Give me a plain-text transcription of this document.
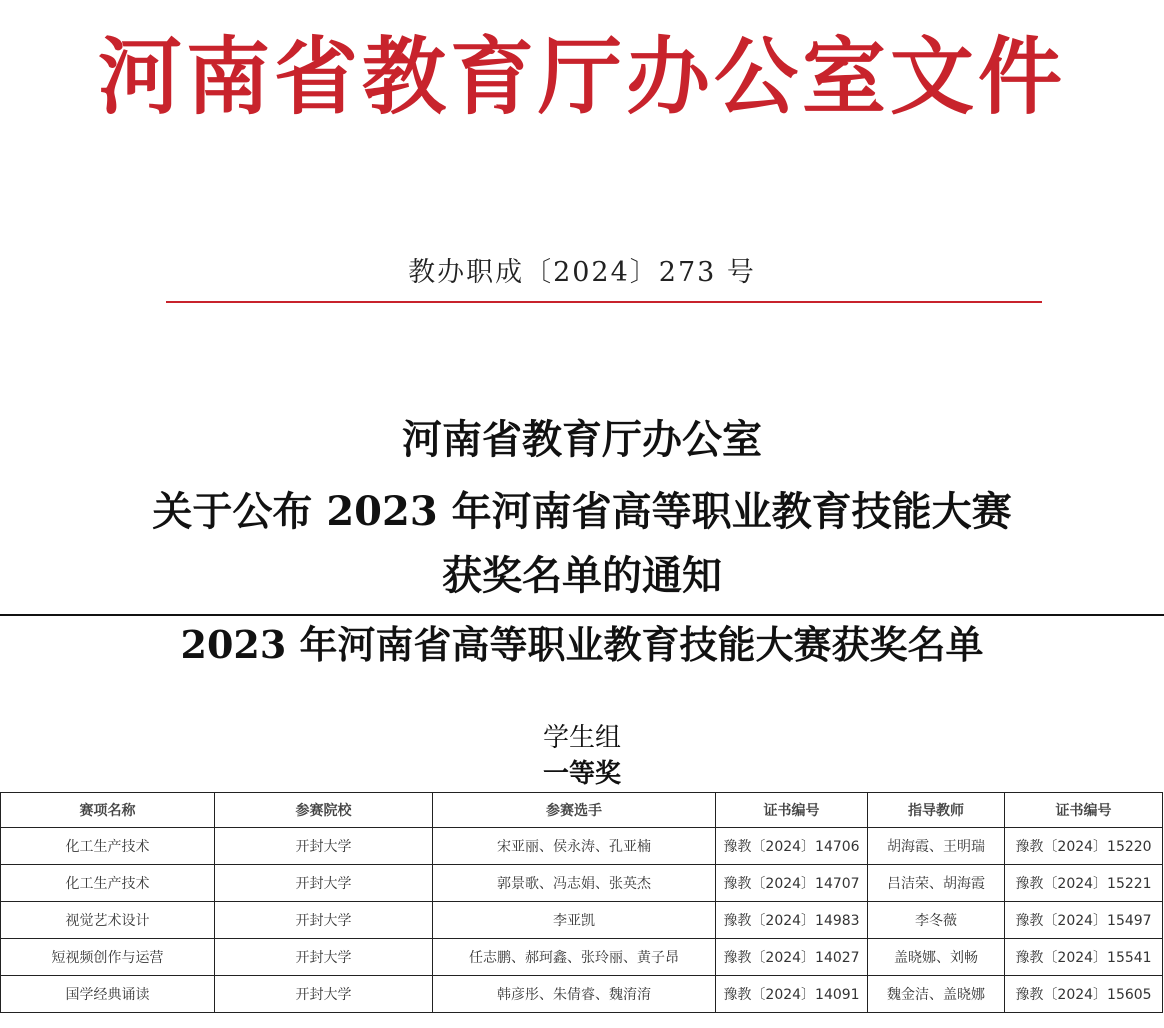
河南省教育厅办公室文件
教办职成〔2024〕273 号
河南省教育厅办公室
关于公布 2023 年河南省高等职业教育技能大赛
获奖名单的通知
2023 年河南省高等职业教育技能大赛获奖名单
学生组
一等奖
赛项名称	参赛院校	参赛选手	证书编号	指导教师	证书编号
化工生产技术	开封大学	宋亚丽、侯永涛、孔亚楠	豫教〔2024〕14706	胡海霞、王明瑞	豫教〔2024〕15220
化工生产技术	开封大学	郭景歌、冯志娟、张英杰	豫教〔2024〕14707	吕洁荣、胡海霞	豫教〔2024〕15221
视觉艺术设计	开封大学	李亚凯	豫教〔2024〕14983	李冬薇	豫教〔2024〕15497
短视频创作与运营	开封大学	任志鹏、郝珂鑫、张玲丽、黄子昂	豫教〔2024〕14027	盖晓娜、刘畅	豫教〔2024〕15541
国学经典诵读	开封大学	韩彦彤、朱倩睿、魏淯淯	豫教〔2024〕14091	魏金洁、盖晓娜	豫教〔2024〕15605
